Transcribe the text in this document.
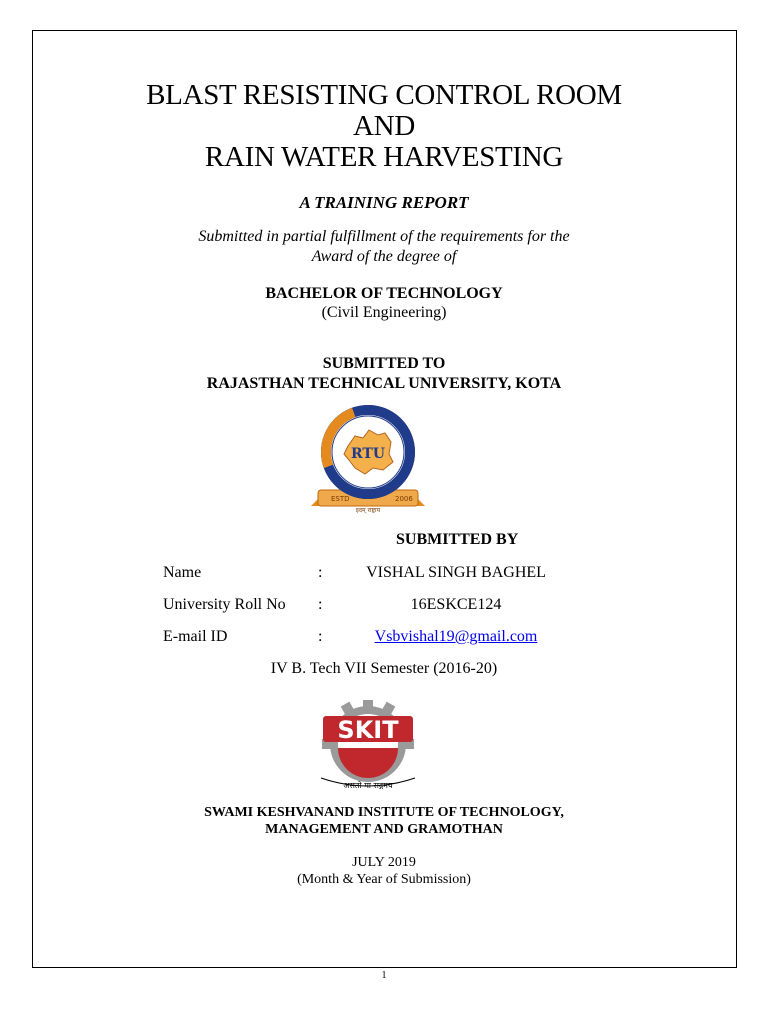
BLAST RESISTING CONTROL ROOM
AND
RAIN WATER HARVESTING
A TRAINING REPORT
Submitted in partial fulfillment of the requirements for the
Award of the degree of
BACHELOR OF TECHNOLOGY
(Civil Engineering)
SUBMITTED TO
RAJASTHAN TECHNICAL UNIVERSITY, KOTA
ESTD	2006
RTU
इदम् राष्ट्राय
SUBMITTED BY
Name	:	VISHAL SINGH BAGHEL
University Roll No :	16ESKCE124
E-mail ID	:	Vsbvishal19@gmail.com
IV B. Tech VII Semester (2016-20)
SKIT
असतो मा सद्गमय
SWAMI KESHVANAND INSTITUTE OF TECHNOLOGY,
MANAGEMENT AND GRAMOTHAN
JULY 2019
(Month & Year of Submission)
1
